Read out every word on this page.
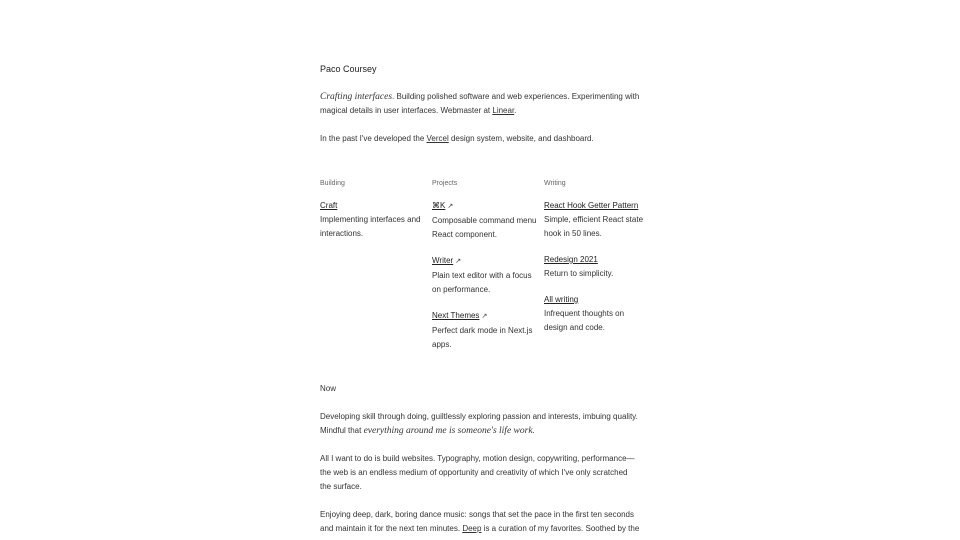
Paco Coursey
Crafting interfaces. Building polished software and web experiences. Experimenting with magical details in user interfaces. Webmaster at Linear.
In the past I've developed the Vercel design system, website, and dashboard.
Building
Craft
Implementing interfaces and interactions.
Projects
⌘K ↗
Composable command menu React component.
Writer ↗
Plain text editor with a focus on performance.
Next Themes ↗
Perfect dark mode in Next.js apps.
Writing
React Hook Getter Pattern
Simple, efficient React state hook in 50 lines.
Redesign 2021
Return to simplicity.
All writing
Infrequent thoughts on design and code.
Now
Developing skill through doing, guiltlessly exploring passion and interests, imbuing quality. Mindful that everything around me is someone's life work.
All I want to do is build websites. Typography, motion design, copywriting, performance— the web is an endless medium of opportunity and creativity of which I've only scratched the surface.
Enjoying deep, dark, boring dance music: songs that set the pace in the first ten seconds and maintain it for the next ten minutes. Deep is a curation of my favorites. Soothed by the
